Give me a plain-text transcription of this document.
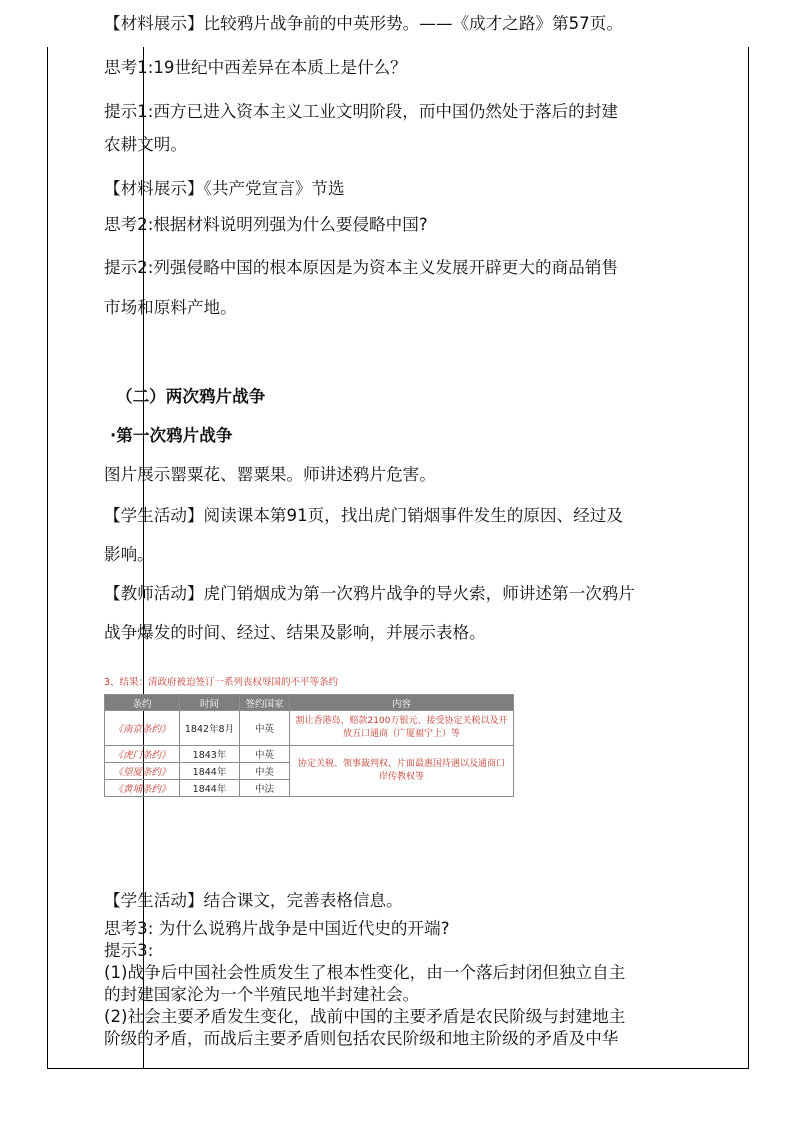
【材料展示】比较鸦片战争前的中英形势。——《成才之路》第57页。
思考1:19世纪中西差异在本质上是什么？
提示1:西方已进入资本主义工业文明阶段，而中国仍然处于落后的封建
农耕文明。
【材料展示】《共产党宣言》节选
思考2:根据材料说明列强为什么要侵略中国?
提示2:列强侵略中国的根本原因是为资本主义发展开辟更大的商品销售
市场和原料产地。
（二）两次鸦片战争
·第一次鸦片战争
图片展示罂粟花、罂粟果。师讲述鸦片危害。
【学生活动】阅读课本第91页，找出虎门销烟事件发生的原因、经过及
影响。
【教师活动】虎门销烟成为第一次鸦片战争的导火索，师讲述第一次鸦片
战争爆发的时间、经过、结果及影响，并展示表格。
3、结果：清政府被迫签订一系列丧权辱国的不平等条约
条约	时间	签约国家	内容
《南京条约》	1842年8月	中英	割让香港岛、赔款2100万银元、接受协定关税以及开放五口通商（广厦福宁上）等
《虎门条约》	1843年	中英	协定关税、领事裁判权、片面最惠国待遇以及通商口岸传教权等
《望厦条约》	1844年	中美	
《黄埔条约》	1844年	中法	
【学生活动】结合课文，完善表格信息。
思考3: 为什么说鸦片战争是中国近代史的开端?
提示3:
(1)战争后中国社会性质发生了根本性变化，由一个落后封闭但独立自主
的封建国家沦为一个半殖民地半封建社会。
(2)社会主要矛盾发生变化，战前中国的主要矛盾是农民阶级与封建地主
阶级的矛盾，而战后主要矛盾则包括农民阶级和地主阶级的矛盾及中华
